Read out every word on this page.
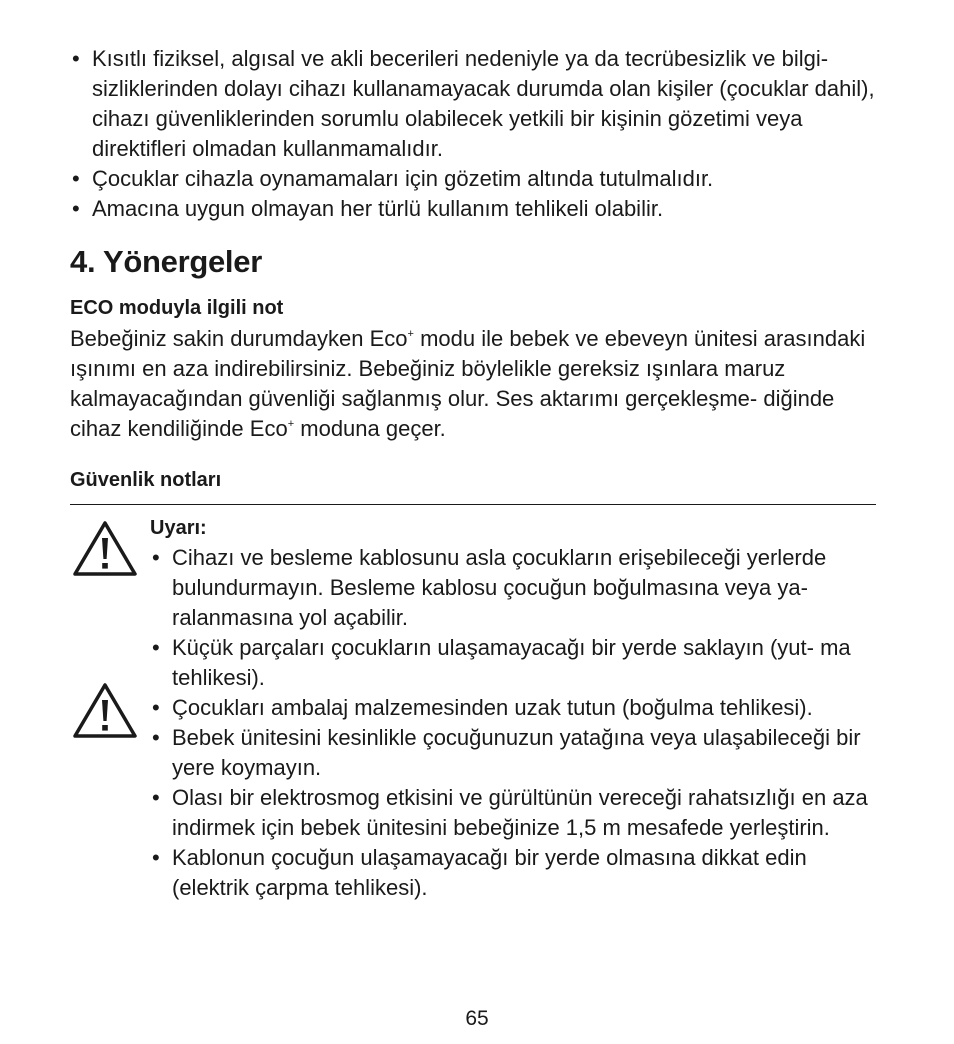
• Kısıtlı fiziksel, algısal ve akli becerileri nedeniyle ya da tecrübesizlik ve bilgi- sizliklerinden dolayı cihazı kullanamayacak durumda olan kişiler (çocuklar dahil), cihazı güvenliklerinden sorumlu olabilecek yetkili bir kişinin gözetimi veya direktifleri olmadan kullanmamalıdır.
• Çocuklar cihazla oynamamaları için gözetim altında tutulmalıdır.
• Amacına uygun olmayan her türlü kullanım tehlikeli olabilir.
4. Yönergeler
ECO moduyla ilgili not

Bebeğiniz sakin durumdayken Eco+ modu ile bebek ve ebeveyn ünitesi arasındaki ışınımı en aza indirebilirsiniz. Bebeğiniz böylelikle gereksiz ışınlara maruz kalmayacağından güvenliği sağlanmış olur. Ses aktarımı gerçekleşme- diğinde cihaz kendiliğinde Eco+ moduna geçer.

Güvenlik notları
Uyarı:
• Cihazı ve besleme kablosunu asla çocukların erişebileceği yerlerde bulundurmayın. Besleme kablosu çocuğun boğulmasına veya ya- ralanmasına yol açabilir.
• Küçük parçaları çocukların ulaşamayacağı bir yerde saklayın (yut- ma tehlikesi).
• Çocukları ambalaj malzemesinden uzak tutun (boğulma tehlikesi).
• Bebek ünitesini kesinlikle çocuğunuzun yatağına veya ulaşabileceği bir yere koymayın.
• Olası bir elektrosmog etkisini ve gürültünün vereceği rahatsızlığı en aza indirmek için bebek ünitesini bebeğinize 1,5 m mesafede yerleştirin.
• Kablonun çocuğun ulaşamayacağı bir yerde olmasına dikkat edin (elektrik çarpma tehlikesi).
65
